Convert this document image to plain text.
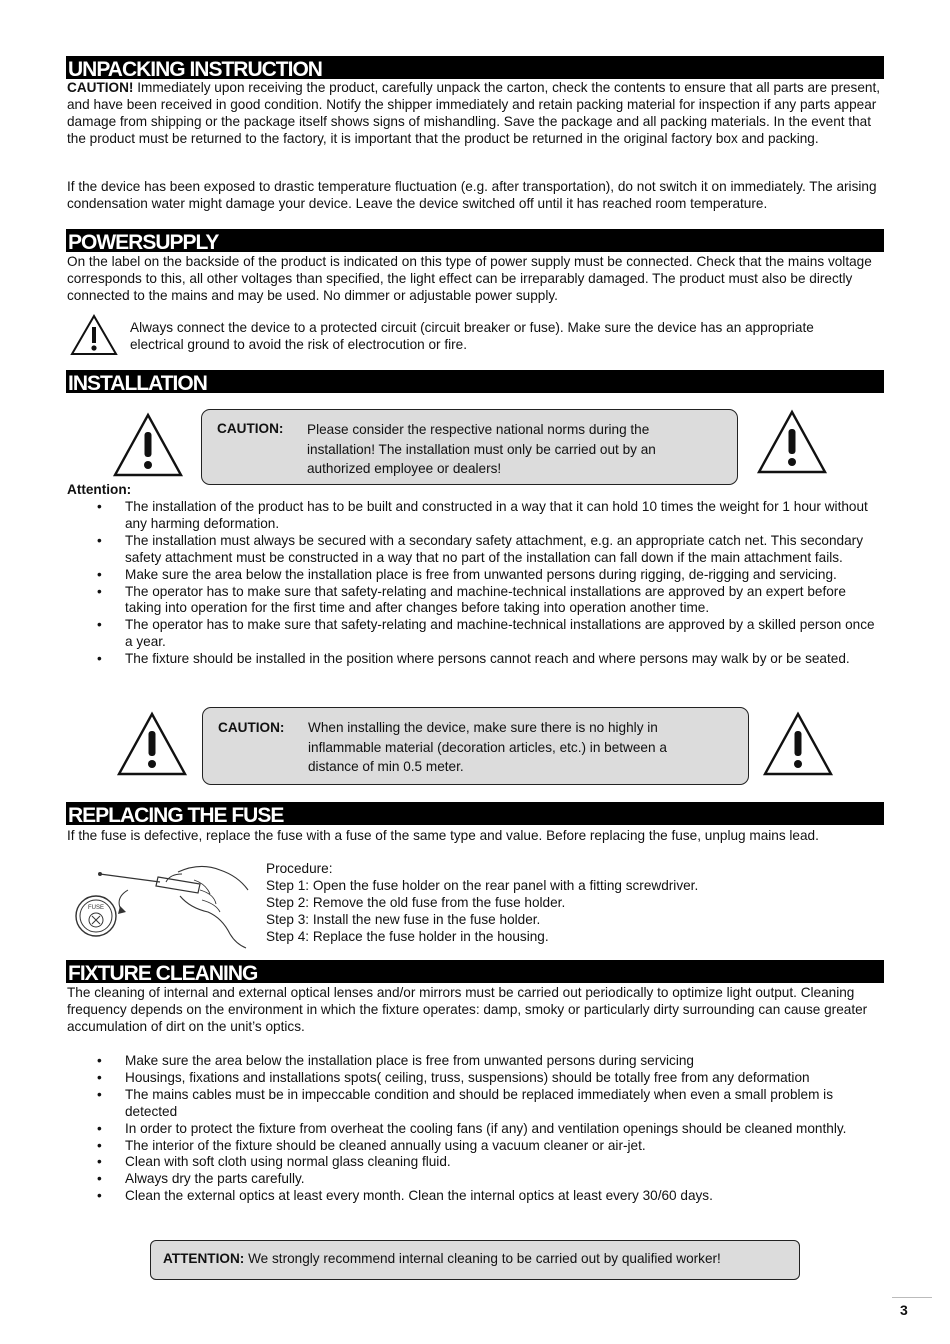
UNPACKING INSTRUCTION

CAUTION! Immediately upon receiving the product, carefully unpack the carton, check the contents to ensure that all parts are present, and have been received in good condition. Notify the shipper immediately and retain packing material for inspection if any parts appear damage from shipping or the package itself shows signs of mishandling. Save the package and all packing materials. In the event that the product must be returned to the factory, it is important that the product be returned in the original factory box and packing.

If the device has been exposed to drastic temperature fluctuation (e.g. after transportation), do not switch it on immediately. The arising condensation water might damage your device. Leave the device switched off until it has reached room temperature.

POWERSUPPLY

On the label on the backside of the product is indicated on this type of power supply must be connected. Check that the mains voltage corresponds to this, all other voltages than specified, the light effect can be irreparably damaged. The product must also be directly connected to the mains and may be used. No dimmer or adjustable power supply.

Always connect the device to a protected circuit (circuit breaker or fuse). Make sure the device has an appropriate electrical ground to avoid the risk of electrocution or fire.

INSTALLATION
CAUTION: Please consider the respective national norms during the installation! The installation must only be carried out by an authorized employee or dealers!
Attention:
• The installation of the product has to be built and constructed in a way that it can hold 10 times the weight for 1 hour without any harming deformation.
• The installation must always be secured with a secondary safety attachment, e.g. an appropriate catch net. This secondary safety attachment must be constructed in a way that no part of the installation can fall down if the main attachment fails.
• Make sure the area below the installation place is free from unwanted persons during rigging, de-rigging and servicing.
• The operator has to make sure that safety-relating and machine-technical installations are approved by an expert before taking into operation for the first time and after changes before taking into operation another time.
• The operator has to make sure that safety-relating and machine-technical installations are approved by a skilled person once a year.
• The fixture should be installed in the position where persons cannot reach and where persons may walk by or be seated.
CAUTION: When installing the device, make sure there is no highly in inflammable material (decoration articles, etc.) in between a distance of min 0.5 meter.
REPLACING THE FUSE

If the fuse is defective, replace the fuse with a fuse of the same type and value. Before replacing the fuse, unplug mains lead.

FUSE
Procedure:
Step 1: Open the fuse holder on the rear panel with a fitting screwdriver.
Step 2: Remove the old fuse from the fuse holder.
Step 3: Install the new fuse in the fuse holder.
Step 4: Replace the fuse holder in the housing.
FIXTURE CLEANING

The cleaning of internal and external optical lenses and/or mirrors must be carried out periodically to optimize light output. Cleaning frequency depends on the environment in which the fixture operates: damp, smoky or particularly dirty surrounding can cause greater accumulation of dirt on the unit’s optics.

• Make sure the area below the installation place is free from unwanted persons during servicing
• Housings, fixations and installations spots( ceiling, truss, suspensions) should be totally free from any deformation
• The mains cables must be in impeccable condition and should be replaced immediately when even a small problem is detected
• In order to protect the fixture from overheat the cooling fans (if any) and ventilation openings should be cleaned monthly.
• The interior of the fixture should be cleaned annually using a vacuum cleaner or air-jet.
• Clean with soft cloth using normal glass cleaning fluid.
• Always dry the parts carefully.
• Clean the external optics at least every month. Clean the internal optics at least every 30/60 days.
ATTENTION: We strongly recommend internal cleaning to be carried out by qualified worker!
3
